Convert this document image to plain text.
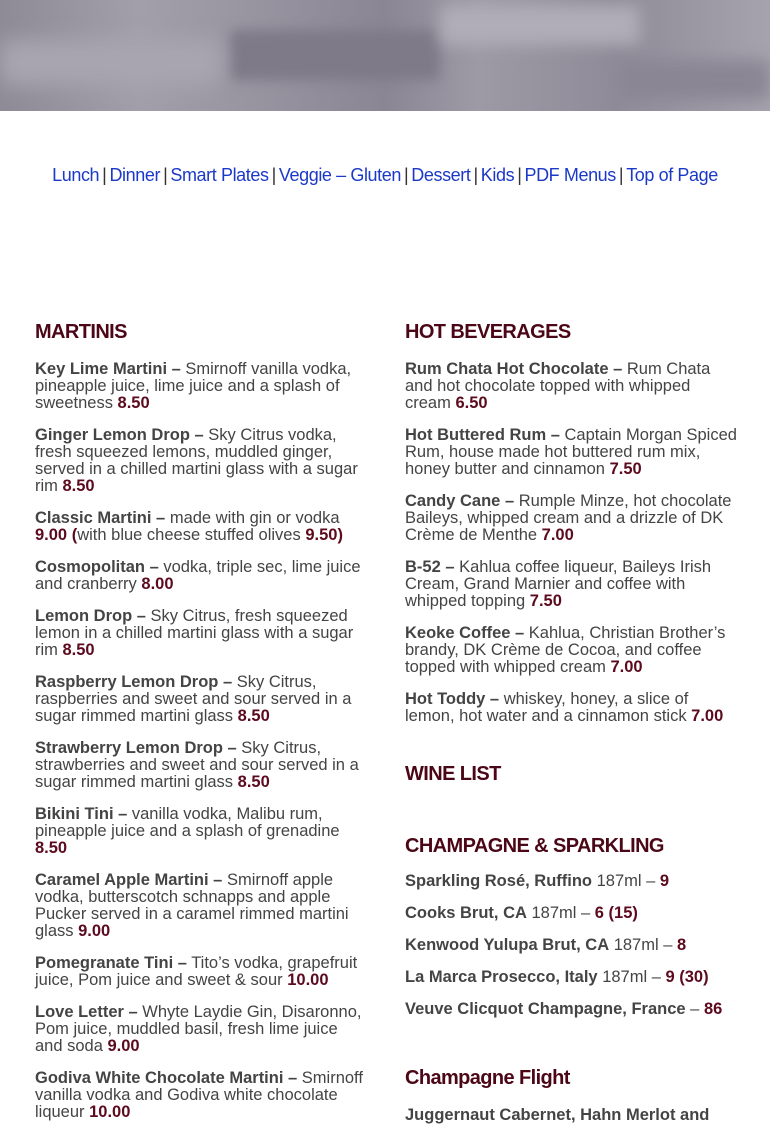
Lunch | Dinner | Smart Plates | Veggie – Gluten | Dessert | Kids | PDF Menus | Top of Page
MARTINIS

Key Lime Martini – Smirnoff vanilla vodka, pineapple juice, lime juice and a splash of sweetness 8.50

Ginger Lemon Drop – Sky Citrus vodka, fresh squeezed lemons, muddled ginger, served in a chilled martini glass with a sugar rim 8.50

Classic Martini – made with gin or vodka 9.00 (with blue cheese stuffed olives 9.50)

Cosmopolitan – vodka, triple sec, lime juice and cranberry 8.00

Lemon Drop – Sky Citrus, fresh squeezed lemon in a chilled martini glass with a sugar rim 8.50

Raspberry Lemon Drop – Sky Citrus, raspberries and sweet and sour served in a sugar rimmed martini glass 8.50

Strawberry Lemon Drop – Sky Citrus, strawberries and sweet and sour served in a sugar rimmed martini glass 8.50

Bikini Tini – vanilla vodka, Malibu rum, pineapple juice and a splash of grenadine 8.50

Caramel Apple Martini – Smirnoff apple vodka, butterscotch schnapps and apple Pucker served in a caramel rimmed martini glass 9.00

Pomegranate Tini – Tito’s vodka, grapefruit juice, Pom juice and sweet & sour 10.00

Love Letter – Whyte Laydie Gin, Disaronno, Pom juice, muddled basil, fresh lime juice and soda 9.00

Godiva White Chocolate Martini – Smirnoff vanilla vodka and Godiva white chocolate liqueur 10.00

HOT BEVERAGES

Rum Chata Hot Chocolate – Rum Chata and hot chocolate topped with whipped cream 6.50

Hot Buttered Rum – Captain Morgan Spiced Rum, house made hot buttered rum mix, honey butter and cinnamon 7.50

Candy Cane – Rumple Minze, hot chocolate Baileys, whipped cream and a drizzle of DK Crème de Menthe 7.00

B-52 – Kahlua coffee liqueur, Baileys Irish Cream, Grand Marnier and coffee with whipped topping 7.50

Keoke Coffee – Kahlua, Christian Brother’s brandy, DK Crème de Cocoa, and coffee topped with whipped cream 7.00

Hot Toddy – whiskey, honey, a slice of lemon, hot water and a cinnamon stick 7.00

WINE LIST
CHAMPAGNE & SPARKLING

Sparkling Rosé, Ruffino 187ml – 9

Cooks Brut, CA 187ml – 6 (15)

Kenwood Yulupa Brut, CA 187ml – 8

La Marca Prosecco, Italy 187ml – 9 (30)

Veuve Clicquot Champagne, France – 86

Champagne Flight

Juggernaut Cabernet, Hahn Merlot and
